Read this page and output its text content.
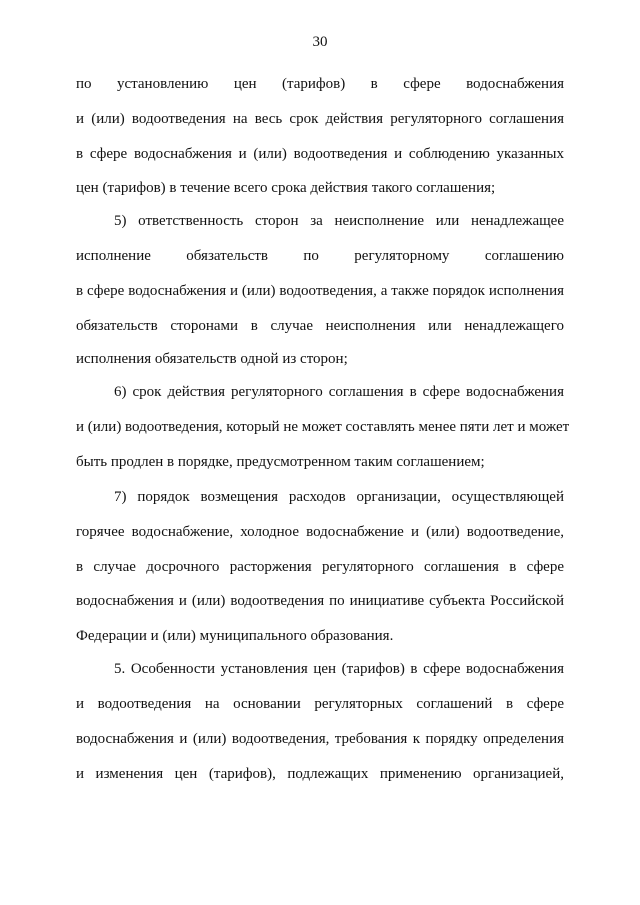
30
по установлению цен (тарифов) в сфере водоснабжения
и (или) водоотведения на весь срок действия регуляторного соглашения
в сфере водоснабжения и (или) водоотведения и соблюдению указанных
цен (тарифов) в течение всего срока действия такого соглашения;
5) ответственность сторон за неисполнение или ненадлежащее
исполнение обязательств по регуляторному соглашению
в сфере водоснабжения и (или) водоотведения, а также порядок исполнения
обязательств сторонами в случае неисполнения или ненадлежащего
исполнения обязательств одной из сторон;
6) срок действия регуляторного соглашения в сфере водоснабжения
и (или) водоотведения, который не может составлять менее пяти лет и может
быть продлен в порядке, предусмотренном таким соглашением;
7) порядок возмещения расходов организации, осуществляющей
горячее водоснабжение, холодное водоснабжение и (или) водоотведение,
в случае досрочного расторжения регуляторного соглашения в сфере
водоснабжения и (или) водоотведения по инициативе субъекта Российской
Федерации и (или) муниципального образования.
5. Особенности установления цен (тарифов) в сфере водоснабжения
и водоотведения на основании регуляторных соглашений в сфере
водоснабжения и (или) водоотведения, требования к порядку определения
и изменения цен (тарифов), подлежащих применению организацией,
